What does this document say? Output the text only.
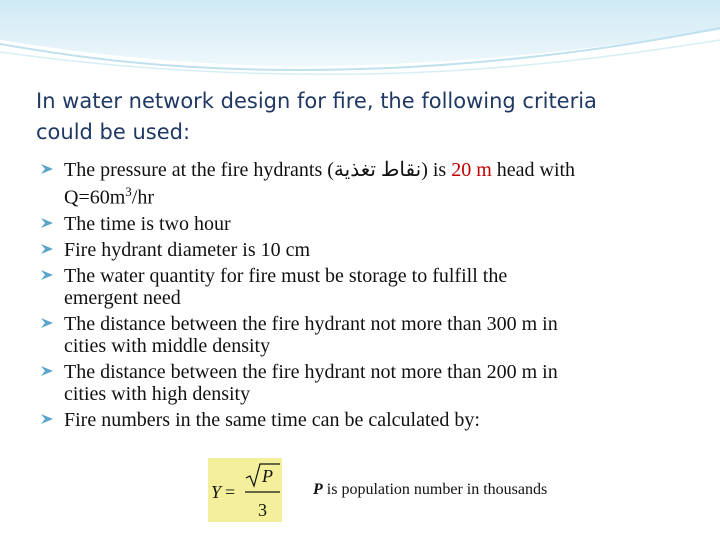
In water network design for fire, the following criteria
could be used:
The pressure at the fire hydrants (نقاط تغذية) is 20 m head with
$Q=60m^3/hr$
The time is two hour
Fire hydrant diameter is 10 cm
The water quantity for fire must be storage to fulfill the
emergent need
The distance between the fire hydrant not more than 300 m in
cities with middle density
The distance between the fire hydrant not more than 200 m in
cities with high density
Fire numbers in the same time can be calculated by:
Y =
P
3
P is population number in thousands
